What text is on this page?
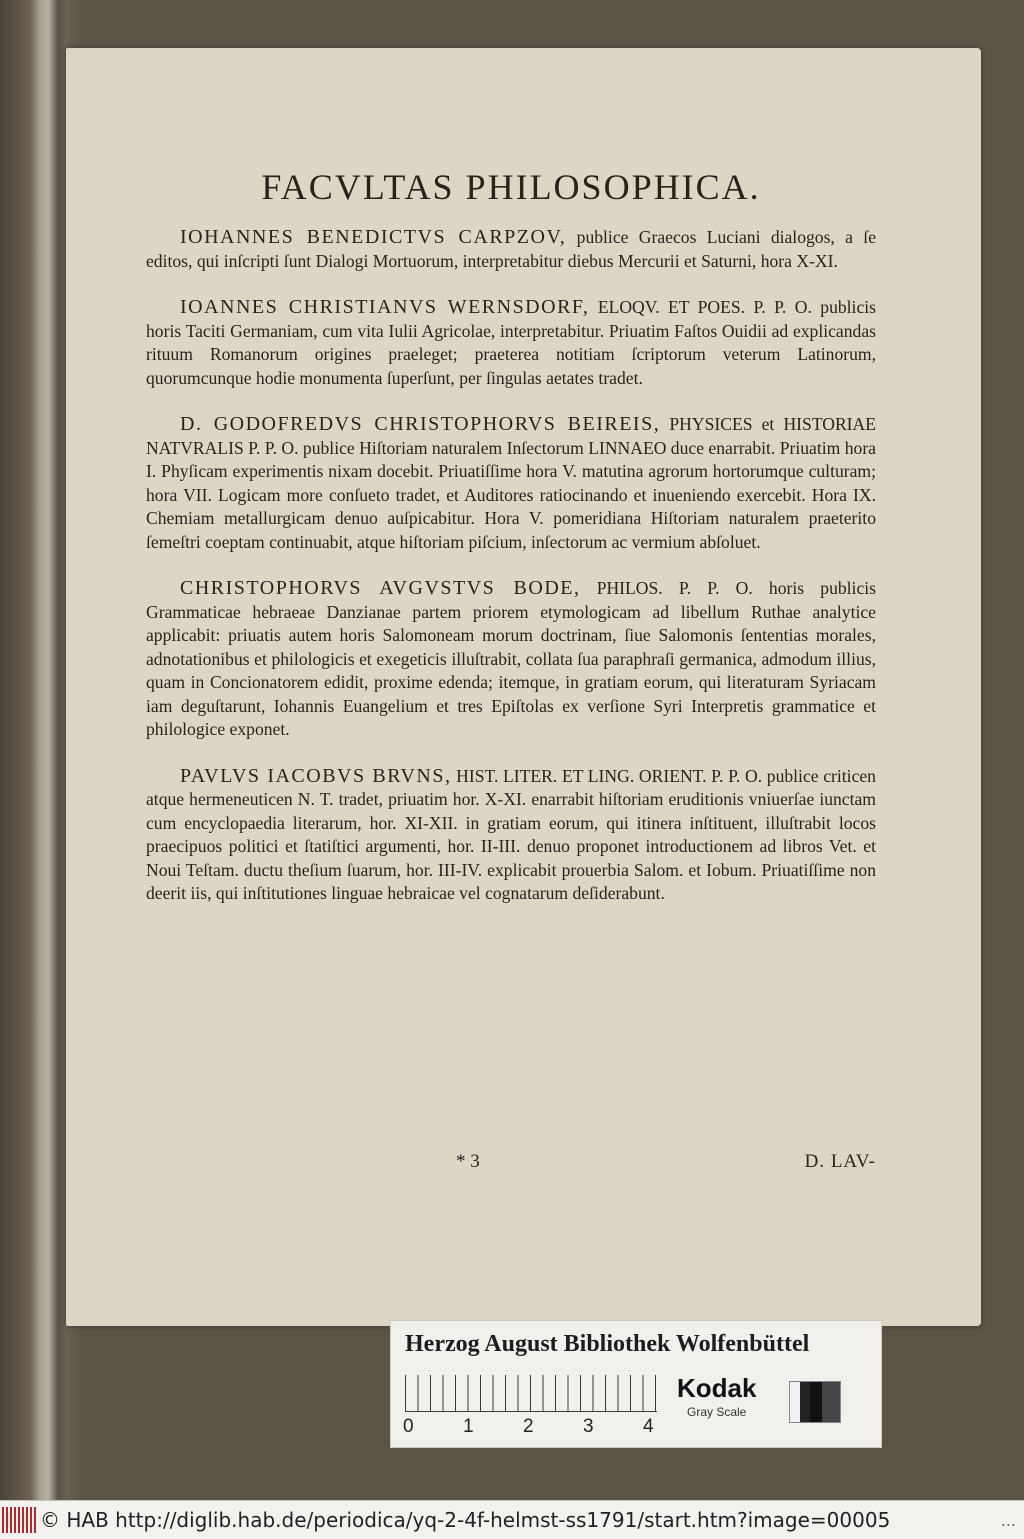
FACVLTAS PHILOSOPHICA.

IOHANNES BENEDICTVS CARPZOV, publice Graecos Luciani dialogos, a ſe editos, qui inſcripti ſunt Dialogi Mortuorum, interpretabitur diebus Mercurii et Saturni, hora X-XI.

IOANNES CHRISTIANVS WERNSDORF, ELOQV. ET POES. P. P. O. publicis horis Taciti Germaniam, cum vita Iulii Agricolae, interpretabitur. Priuatim Faſtos Ouidii ad explicandas rituum Romanorum origines praeleget; praeterea notitiam ſcriptorum veterum Latinorum, quorumcunque hodie monumenta ſuperſunt, per ſingulas aetates tradet.

D. GODOFREDVS CHRISTOPHORVS BEIREIS, PHYSICES et HISTORIAE NATVRALIS P. P. O. publice Hiſtoriam naturalem Inſectorum LINNAEO duce enarrabit. Priuatim hora I. Phyſicam experimentis nixam docebit. Priuatiſſime hora V. matutina agrorum hortorumque culturam; hora VII. Logicam more conſueto tradet, et Auditores ratiocinando et inueniendo exercebit. Hora IX. Chemiam metallurgicam denuo auſpicabitur. Hora V. pomeridiana Hiſtoriam naturalem praeterito ſemeſtri coeptam continuabit, atque hiſtoriam piſcium, inſectorum ac vermium abſoluet.

CHRISTOPHORVS AVGVSTVS BODE, PHILOS. P. P. O. horis publicis Grammaticae hebraeae Danzianae partem priorem etymologicam ad libellum Ruthae analytice applicabit: priuatis autem horis Salomoneam morum doctrinam, ſiue Salomonis ſententias morales, adnotationibus et philologicis et exegeticis illuſtrabit, collata ſua paraphraſi germanica, admodum illius, quam in Concionatorem edidit, proxime edenda; itemque, in gratiam eorum, qui literaturam Syriacam iam deguſtarunt, Iohannis Euangelium et tres Epiſtolas ex verſione Syri Interpretis grammatice et philologice exponet.

PAVLVS IACOBVS BRVNS, HIST. LITER. ET LING. ORIENT. P. P. O. publice criticen atque hermeneuticen N. T. tradet, priuatim hor. X-XI. enarrabit hiſtoriam eruditionis vniuerſae iunctam cum encyclopaedia literarum, hor. XI-XII. in gratiam eorum, qui itinera inſtituent, illuſtrabit locos praecipuos politici et ſtatiſtici argumenti, hor. II-III. denuo proponet introductionem ad libros Vet. et Noui Teſtam. ductu theſium ſuarum, hor. III-IV. explicabit prouerbia Salom. et Iobum. Priuatiſſime non deerit iis, qui inſtitutiones linguae hebraicae vel cognatarum deſiderabunt.

* 3	D. LAV-
Herzog August Bibliothek Wolfenbüttel
0	1	2	3	4
Kodak
Gray Scale
© HAB http://diglib.hab.de/periodica/yq-2-4f-helmst-ss1791/start.htm?image=00005	...
